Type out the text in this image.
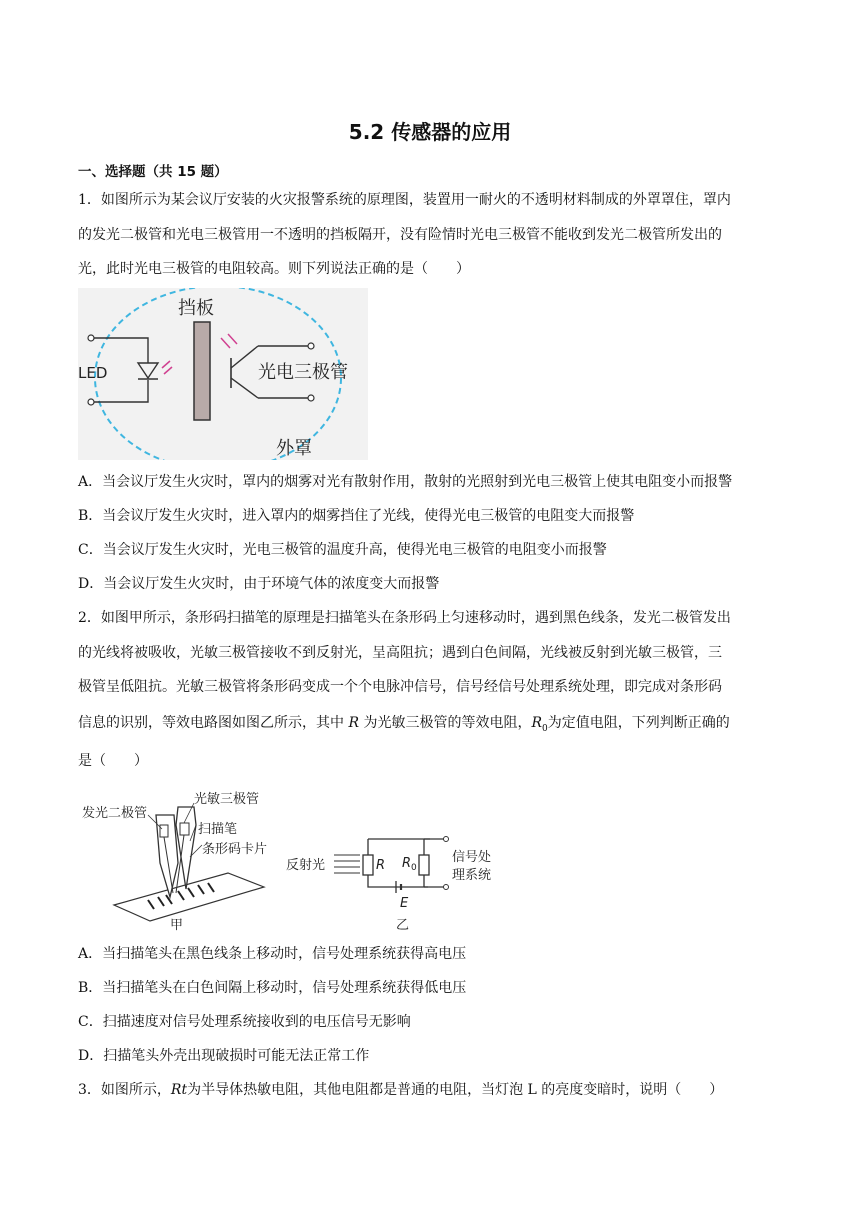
5.2 传感器的应用
一、选择题（共 15 题）
1．如图所示为某会议厅安装的火灾报警系统的原理图，装置用一耐火的不透明材料制成的外罩罩住，罩内
的发光二极管和光电三极管用一不透明的挡板隔开，没有险情时光电三极管不能收到发光二极管所发出的
光，此时光电三极管的电阻较高。则下列说法正确的是（　　）
挡板
LED	光电三极管
外罩
A．当会议厅发生火灾时，罩内的烟雾对光有散射作用，散射的光照射到光电三极管上使其电阻变小而报警
B．当会议厅发生火灾时，进入罩内的烟雾挡住了光线，使得光电三极管的电阻变大而报警
C．当会议厅发生火灾时，光电三极管的温度升高，使得光电三极管的电阻变小而报警
D．当会议厅发生火灾时，由于环境气体的浓度变大而报警
2．如图甲所示，条形码扫描笔的原理是扫描笔头在条形码上匀速移动时，遇到黑色线条，发光二极管发出
的光线将被吸收，光敏三极管接收不到反射光，呈高阻抗；遇到白色间隔，光线被反射到光敏三极管，三
极管呈低阻抗。光敏三极管将条形码变成一个个电脉冲信号，信号经信号处理系统处理，即完成对条形码
信息的识别，等效电路图如图乙所示，其中 R 为光敏三极管的等效电阻，$R_0$为定值电阻，下列判断正确的
是（　　）
发光二极管
光敏三极管
扫描笔
条形码卡片
甲
反射光	R $R_0$
E
信号处
理系统
乙
A．当扫描笔头在黑色线条上移动时，信号处理系统获得高电压
B．当扫描笔头在白色间隔上移动时，信号处理系统获得低电压
C．扫描速度对信号处理系统接收到的电压信号无影响
D．扫描笔头外壳出现破损时可能无法正常工作
3．如图所示，Rt为半导体热敏电阻，其他电阻都是普通的电阻，当灯泡 L 的亮度变暗时，说明（　　）
